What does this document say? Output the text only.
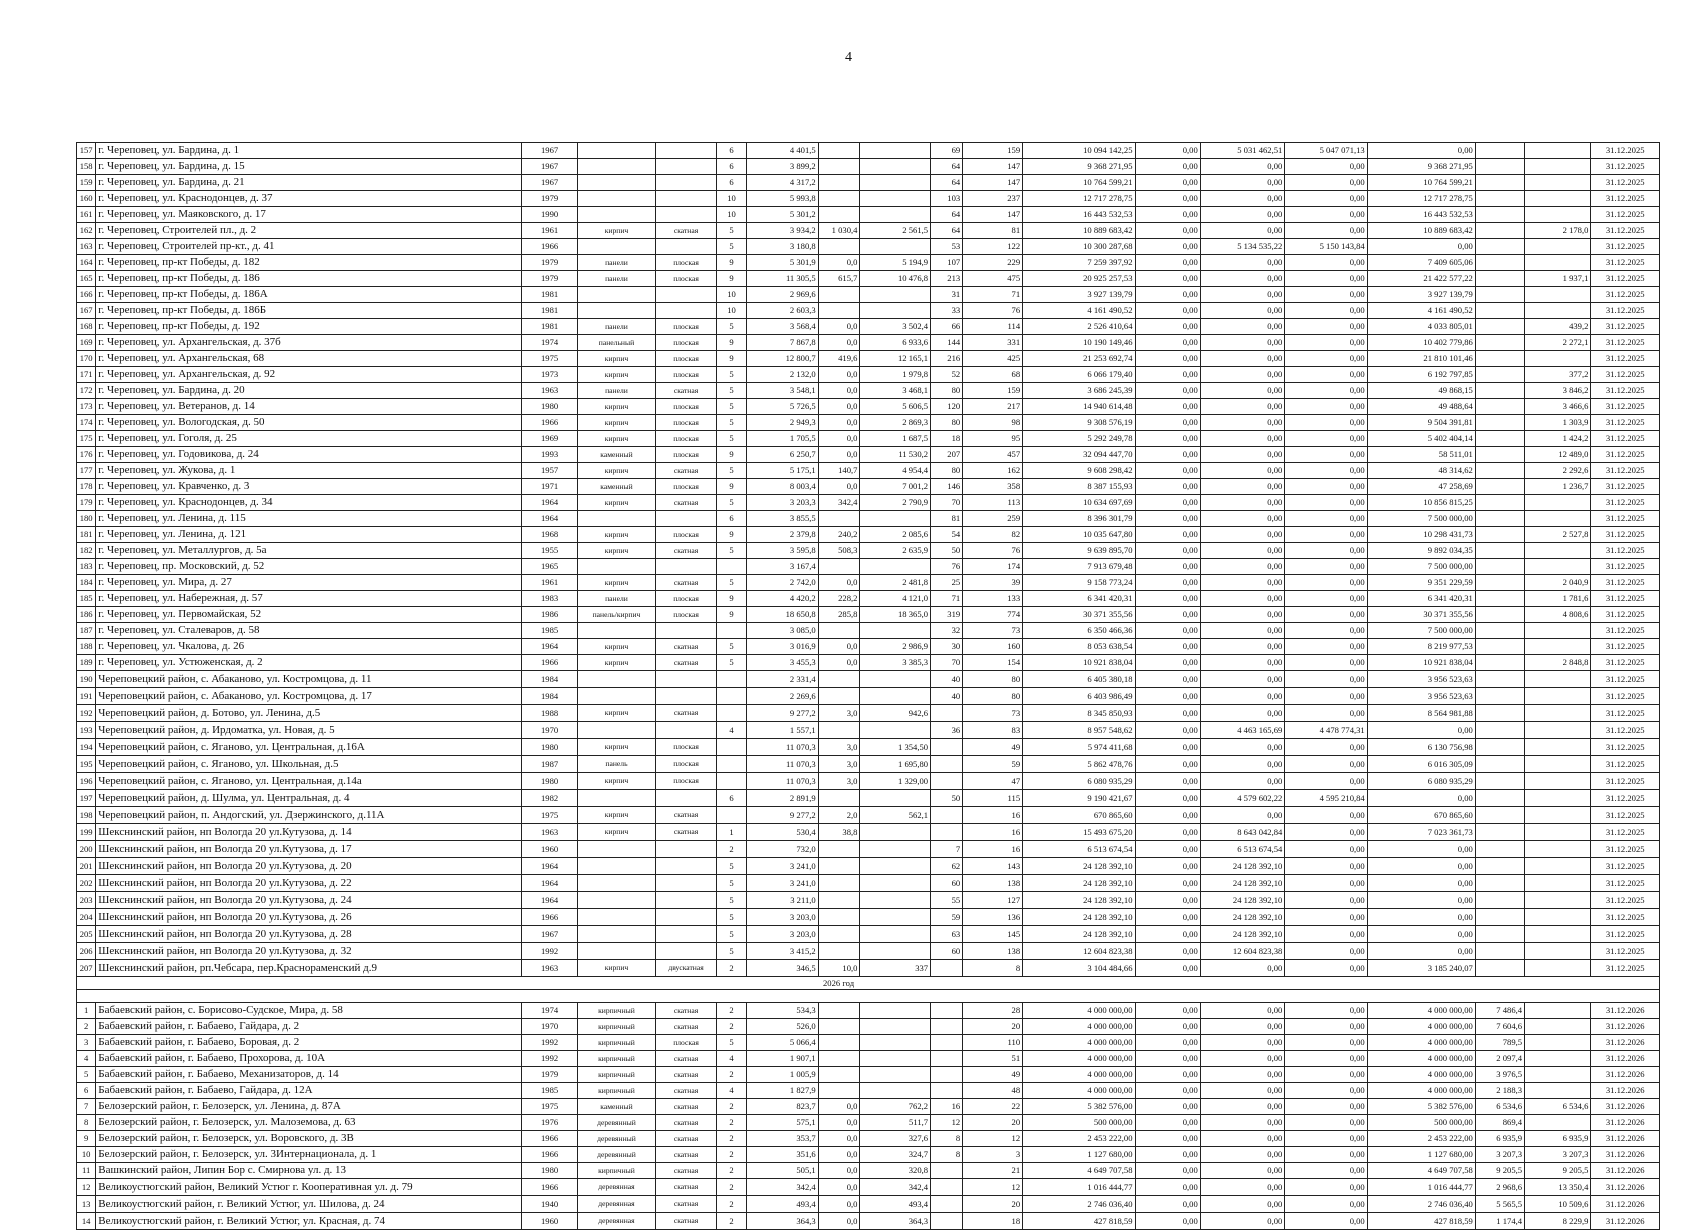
4
157	г. Череповец, ул. Бардина, д. 1	1967			6	4 401,5			69	159	10 094 142,25	0,00	5 031 462,51	5 047 071,13	0,00			31.12.2025
158	г. Череповец, ул. Бардина, д. 15	1967			6	3 899,2			64	147	9 368 271,95	0,00	0,00	0,00	9 368 271,95			31.12.2025
159	г. Череповец, ул. Бардина, д. 21	1967			6	4 317,2			64	147	10 764 599,21	0,00	0,00	0,00	10 764 599,21			31.12.2025
160	г. Череповец, ул. Краснодонцев, д. 37	1979			10	5 993,8			103	237	12 717 278,75	0,00	0,00	0,00	12 717 278,75			31.12.2025
161	г. Череповец, ул. Маяковского, д. 17	1990			10	5 301,2			64	147	16 443 532,53	0,00	0,00	0,00	16 443 532,53			31.12.2025
162	г. Череповец, Строителей пл., д. 2	1961	кирпич	скатная	5	3 934,2	1 030,4	2 561,5	64	81	10 889 683,42	0,00	0,00	0,00	10 889 683,42		2 178,0	31.12.2025
163	г. Череповец, Строителей пр-кт., д. 41	1966			5	3 180,8			53	122	10 300 287,68	0,00	5 134 535,22	5 150 143,84	0,00			31.12.2025
164	г. Череповец, пр-кт Победы, д. 182	1979	панели	плоская	9	5 301,9	0,0	5 194,9	107	229	7 259 397,92	0,00	0,00	0,00	7 409 605,06			31.12.2025
165	г. Череповец, пр-кт Победы, д. 186	1979	панели	плоская	9	11 305,5	615,7	10 476,8	213	475	20 925 257,53	0,00	0,00	0,00	21 422 577,22		1 937,1	31.12.2025
166	г. Череповец, пр-кт Победы, д. 186А	1981			10	2 969,6			31	71	3 927 139,79	0,00	0,00	0,00	3 927 139,79			31.12.2025
167	г. Череповец, пр-кт Победы, д. 186Б	1981			10	2 603,3			33	76	4 161 490,52	0,00	0,00	0,00	4 161 490,52			31.12.2025
168	г. Череповец, пр-кт Победы, д. 192	1981	панели	плоская	5	3 568,4	0,0	3 502,4	66	114	2 526 410,64	0,00	0,00	0,00	4 033 805,01		439,2	31.12.2025
169	г. Череповец, ул. Архангельская, д. 37б	1974	панельный	плоская	9	7 867,8	0,0	6 933,6	144	331	10 190 149,46	0,00	0,00	0,00	10 402 779,86		2 272,1	31.12.2025
170	г. Череповец, ул. Архангельская, 68	1975	кирпич	плоская	9	12 800,7	419,6	12 165,1	216	425	21 253 692,74	0,00	0,00	0,00	21 810 101,46			31.12.2025
171	г. Череповец, ул. Архангельская, д. 92	1973	кирпич	плоская	5	2 132,0	0,0	1 979,8	52	68	6 066 179,40	0,00	0,00	0,00	6 192 797,85		377,2	31.12.2025
172	г. Череповец, ул. Бардина, д. 20	1963	панели	скатная	5	3 548,1	0,0	3 468,1	80	159	3 686 245,39	0,00	0,00	0,00	49 868,15		3 846,2	31.12.2025
173	г. Череповец, ул. Ветеранов, д. 14	1980	кирпич	плоская	5	5 726,5	0,0	5 606,5	120	217	14 940 614,48	0,00	0,00	0,00	49 488,64		3 466,6	31.12.2025
174	г. Череповец, ул. Вологодская, д. 50	1966	кирпич	плоская	5	2 949,3	0,0	2 869,3	80	98	9 308 576,19	0,00	0,00	0,00	9 504 391,81		1 303,9	31.12.2025
175	г. Череповец, ул. Гоголя, д. 25	1969	кирпич	плоская	5	1 705,5	0,0	1 687,5	18	95	5 292 249,78	0,00	0,00	0,00	5 402 404,14		1 424,2	31.12.2025
176	г. Череповец, ул. Годовикова, д. 24	1993	каменный	плоская	9	6 250,7	0,0	11 530,2	207	457	32 094 447,70	0,00	0,00	0,00	58 511,01		12 489,0	31.12.2025
177	г. Череповец, ул. Жукова, д. 1	1957	кирпич	скатная	5	5 175,1	140,7	4 954,4	80	162	9 608 298,42	0,00	0,00	0,00	48 314,62		2 292,6	31.12.2025
178	г. Череповец, ул. Кравченко, д. 3	1971	каменный	плоская	9	8 003,4	0,0	7 001,2	146	358	8 387 155,93	0,00	0,00	0,00	47 258,69		1 236,7	31.12.2025
179	г. Череповец, ул. Краснодонцев, д. 34	1964	кирпич	скатная	5	3 203,3	342,4	2 790,9	70	113	10 634 697,69	0,00	0,00	0,00	10 856 815,25			31.12.2025
180	г. Череповец, ул. Ленина, д. 115	1964			6	3 855,5			81	259	8 396 301,79	0,00	0,00	0,00	7 500 000,00			31.12.2025
181	г. Череповец, ул. Ленина, д. 121	1968	кирпич	плоская	9	2 379,8	240,2	2 085,6	54	82	10 035 647,80	0,00	0,00	0,00	10 298 431,73		2 527,8	31.12.2025
182	г. Череповец, ул. Металлургов, д. 5а	1955	кирпич	скатная	5	3 595,8	508,3	2 635,9	50	76	9 639 895,70	0,00	0,00	0,00	9 892 034,35			31.12.2025
183	г. Череповец, пр. Московский, д. 52	1965				3 167,4			76	174	7 913 679,48	0,00	0,00	0,00	7 500 000,00			31.12.2025
184	г. Череповец, ул. Мира, д. 27	1961	кирпич	скатная	5	2 742,0	0,0	2 481,8	25	39	9 158 773,24	0,00	0,00	0,00	9 351 229,59		2 040,9	31.12.2025
185	г. Череповец, ул. Набережная, д. 57	1983	панели	плоская	9	4 420,2	228,2	4 121,0	71	133	6 341 420,31	0,00	0,00	0,00	6 341 420,31		1 781,6	31.12.2025
186	г. Череповец, ул. Первомайская, 52	1986	панель/кирпич	плоская	9	18 650,8	285,8	18 365,0	319	774	30 371 355,56	0,00	0,00	0,00	30 371 355,56		4 808,6	31.12.2025
187	г. Череповец, ул. Сталеваров, д. 58	1985				3 085,0			32	73	6 350 466,36	0,00	0,00	0,00	7 500 000,00			31.12.2025
188	г. Череповец, ул. Чкалова, д. 26	1964	кирпич	скатная	5	3 016,9	0,0	2 986,9	30	160	8 053 638,54	0,00	0,00	0,00	8 219 977,53			31.12.2025
189	г. Череповец, ул. Устюженская, д. 2	1966	кирпич	скатная	5	3 455,3	0,0	3 385,3	70	154	10 921 838,04	0,00	0,00	0,00	10 921 838,04		2 848,8	31.12.2025
190	Череповецкий район, с. Абаканово, ул. Костромцова, д. 11	1984				2 331,4			40	80	6 405 380,18	0,00	0,00	0,00	3 956 523,63			31.12.2025
191	Череповецкий район, с. Абаканово, ул. Костромцова, д. 17	1984				2 269,6			40	80	6 403 986,49	0,00	0,00	0,00	3 956 523,63			31.12.2025
192	Череповецкий район, д. Ботово, ул. Ленина, д.5	1988	кирпич	скатная		9 277,2	3,0	942,6		73	8 345 850,93	0,00	0,00	0,00	8 564 981,88			31.12.2025
193	Череповецкий район, д. Ирдоматка, ул. Новая, д. 5	1970			4	1 557,1			36	83	8 957 548,62	0,00	4 463 165,69	4 478 774,31	0,00			31.12.2025
194	Череповецкий район, с. Яганово, ул. Центральная, д.16А	1980	кирпич	плоская		11 070,3	3,0	1 354,50		49	5 974 411,68	0,00	0,00	0,00	6 130 756,98			31.12.2025
195	Череповецкий район, с. Яганово, ул. Школьная, д.5	1987	панель	плоская		11 070,3	3,0	1 695,80		59	5 862 478,76	0,00	0,00	0,00	6 016 305,09			31.12.2025
196	Череповецкий район, с. Яганово, ул. Центральная, д.14а	1980	кирпич	плоская		11 070,3	3,0	1 329,00		47	6 080 935,29	0,00	0,00	0,00	6 080 935,29			31.12.2025
197	Череповецкий район, д. Шулма, ул. Центральная, д. 4	1982			6	2 891,9			50	115	9 190 421,67	0,00	4 579 602,22	4 595 210,84	0,00			31.12.2025
198	Череповецкий район, п. Андогский, ул. Дзержинского, д.11А	1975	кирпич	скатная		9 277,2	2,0	562,1		16	670 865,60	0,00	0,00	0,00	670 865,60			31.12.2025
199	Шекснинский район, нп Вологда 20 ул.Кутузова, д. 14	1963	кирпич	скатная	1	530,4	38,8			16	15 493 675,20	0,00	8 643 042,84	0,00	7 023 361,73			31.12.2025
200	Шекснинский район, нп Вологда 20 ул.Кутузова, д. 17	1960			2	732,0			7	16	6 513 674,54	0,00	6 513 674,54	0,00	0,00			31.12.2025
201	Шекснинский район, нп Вологда 20 ул.Кутузова, д. 20	1964			5	3 241,0			62	143	24 128 392,10	0,00	24 128 392,10	0,00	0,00			31.12.2025
202	Шекснинский район, нп Вологда 20 ул.Кутузова, д. 22	1964			5	3 241,0			60	138	24 128 392,10	0,00	24 128 392,10	0,00	0,00			31.12.2025
203	Шекснинский район, нп Вологда 20 ул.Кутузова, д. 24	1964			5	3 211,0			55	127	24 128 392,10	0,00	24 128 392,10	0,00	0,00			31.12.2025
204	Шекснинский район, нп Вологда 20 ул.Кутузова, д. 26	1966			5	3 203,0			59	136	24 128 392,10	0,00	24 128 392,10	0,00	0,00			31.12.2025
205	Шекснинский район, нп Вологда 20 ул.Кутузова, д. 28	1967			5	3 203,0			63	145	24 128 392,10	0,00	24 128 392,10	0,00	0,00			31.12.2025
206	Шекснинский район, нп Вологда 20 ул.Кутузова, д. 32	1992			5	3 415,2			60	138	12 604 823,38	0,00	12 604 823,38	0,00	0,00			31.12.2025
207	Шекснинский район, рп.Чебсара, пер.Краснораменский д.9	1963	кирпич	двускатная	2	346,5	10,0	337		8	3 104 484,66	0,00	0,00	0,00	3 185 240,07			31.12.2025
						2026 год												

1	Бабаевский район, с. Борисово-Судское, Мира, д. 58	1974	кирпичный	скатная	2	534,3				28	4 000 000,00	0,00	0,00	0,00	4 000 000,00	7 486,4		31.12.2026
2	Бабаевский район, г. Бабаево, Гайдара, д. 2	1970	кирпичный	скатная	2	526,0				20	4 000 000,00	0,00	0,00	0,00	4 000 000,00	7 604,6		31.12.2026
3	Бабаевский район, г. Бабаево, Боровая, д. 2	1992	кирпичный	плоская	5	5 066,4				110	4 000 000,00	0,00	0,00	0,00	4 000 000,00	789,5		31.12.2026
4	Бабаевский район, г. Бабаево, Прохорова, д. 10А	1992	кирпичный	скатная	4	1 907,1				51	4 000 000,00	0,00	0,00	0,00	4 000 000,00	2 097,4		31.12.2026
5	Бабаевский район, г. Бабаево, Механизаторов, д. 14	1979	кирпичный	скатная	2	1 005,9				49	4 000 000,00	0,00	0,00	0,00	4 000 000,00	3 976,5		31.12.2026
6	Бабаевский район, г. Бабаево, Гайдара, д. 12А	1985	кирпичный	скатная	4	1 827,9				48	4 000 000,00	0,00	0,00	0,00	4 000 000,00	2 188,3		31.12.2026
7	Белозерский район, г. Белозерск, ул. Ленина, д. 87А	1975	каменный	скатная	2	823,7	0,0	762,2	16	22	5 382 576,00	0,00	0,00	0,00	5 382 576,00	6 534,6	6 534,6	31.12.2026
8	Белозерский район, г. Белозерск, ул. Малоземова, д. 63	1976	деревянный	скатная	2	575,1	0,0	511,7	12	20	500 000,00	0,00	0,00	0,00	500 000,00	869,4		31.12.2026
9	Белозерский район, г. Белозерск, ул. Воровского, д. 3В	1966	деревянный	скатная	2	353,7	0,0	327,6	8	12	2 453 222,00	0,00	0,00	0,00	2 453 222,00	6 935,9	6 935,9	31.12.2026
10	Белозерский район, г. Белозерск, ул. 3Интернационала, д. 1	1966	деревянный	скатная	2	351,6	0,0	324,7	8	3	1 127 680,00	0,00	0,00	0,00	1 127 680,00	3 207,3	3 207,3	31.12.2026
11	Вашкинский район, Липин Бор с. Смирнова ул. д. 13	1980	кирпичный	скатная	2	505,1	0,0	320,8		21	4 649 707,58	0,00	0,00	0,00	4 649 707,58	9 205,5	9 205,5	31.12.2026
12	Великоустюгский район, Великий Устюг г. Кооперативная ул. д. 79	1966	деревянная	скатная	2	342,4	0,0	342,4		12	1 016 444,77	0,00	0,00	0,00	1 016 444,77	2 968,6	13 350,4	31.12.2026
13	Великоустюгский район, г. Великий Устюг, ул. Шилова, д. 24	1940	деревянная	скатная	2	493,4	0,0	493,4		20	2 746 036,40	0,00	0,00	0,00	2 746 036,40	5 565,5	10 509,6	31.12.2026
14	Великоустюгский район, г. Великий Устюг, ул. Красная, д. 74	1960	деревянная	скатная	2	364,3	0,0	364,3		18	427 818,59	0,00	0,00	0,00	427 818,59	1 174,4	8 229,9	31.12.2026
